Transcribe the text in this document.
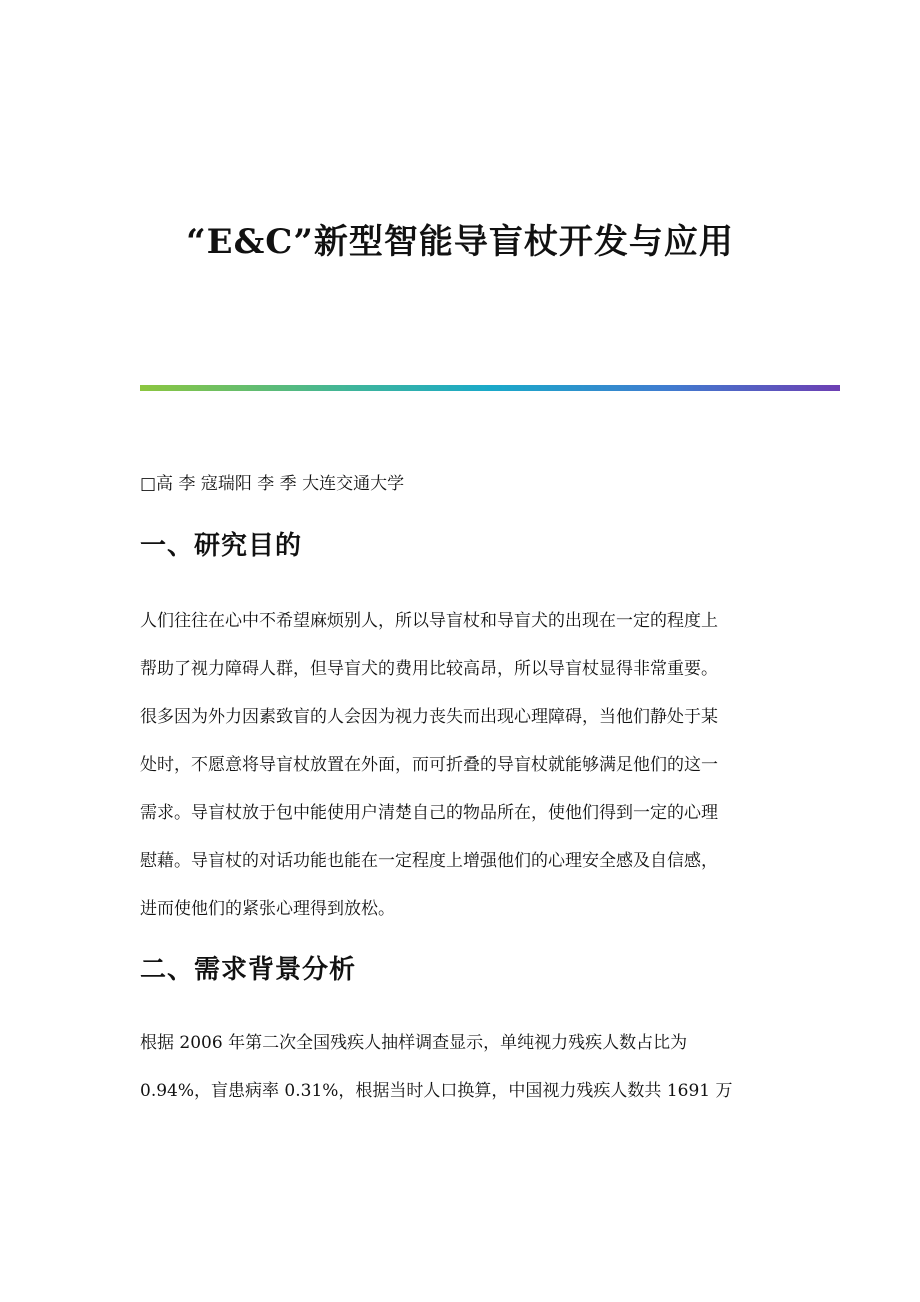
“E&C”新型智能导盲杖开发与应用
□高 李 寇瑞阳 李 季 大连交通大学
一、研究目的
人们往往在心中不希望麻烦别人，所以导盲杖和导盲犬的出现在一定的程度上
帮助了视力障碍人群，但导盲犬的费用比较高昂，所以导盲杖显得非常重要。
很多因为外力因素致盲的人会因为视力丧失而出现心理障碍，当他们静处于某
处时，不愿意将导盲杖放置在外面，而可折叠的导盲杖就能够满足他们的这一
需求。导盲杖放于包中能使用户清楚自己的物品所在，使他们得到一定的心理
慰藉。导盲杖的对话功能也能在一定程度上增强他们的心理安全感及自信感，
进而使他们的紧张心理得到放松。
二、需求背景分析
根据 2006 年第二次全国残疾人抽样调查显示，单纯视力残疾人数占比为
0.94%，盲患病率 0.31%，根据当时人口换算，中国视力残疾人数共 1691 万
